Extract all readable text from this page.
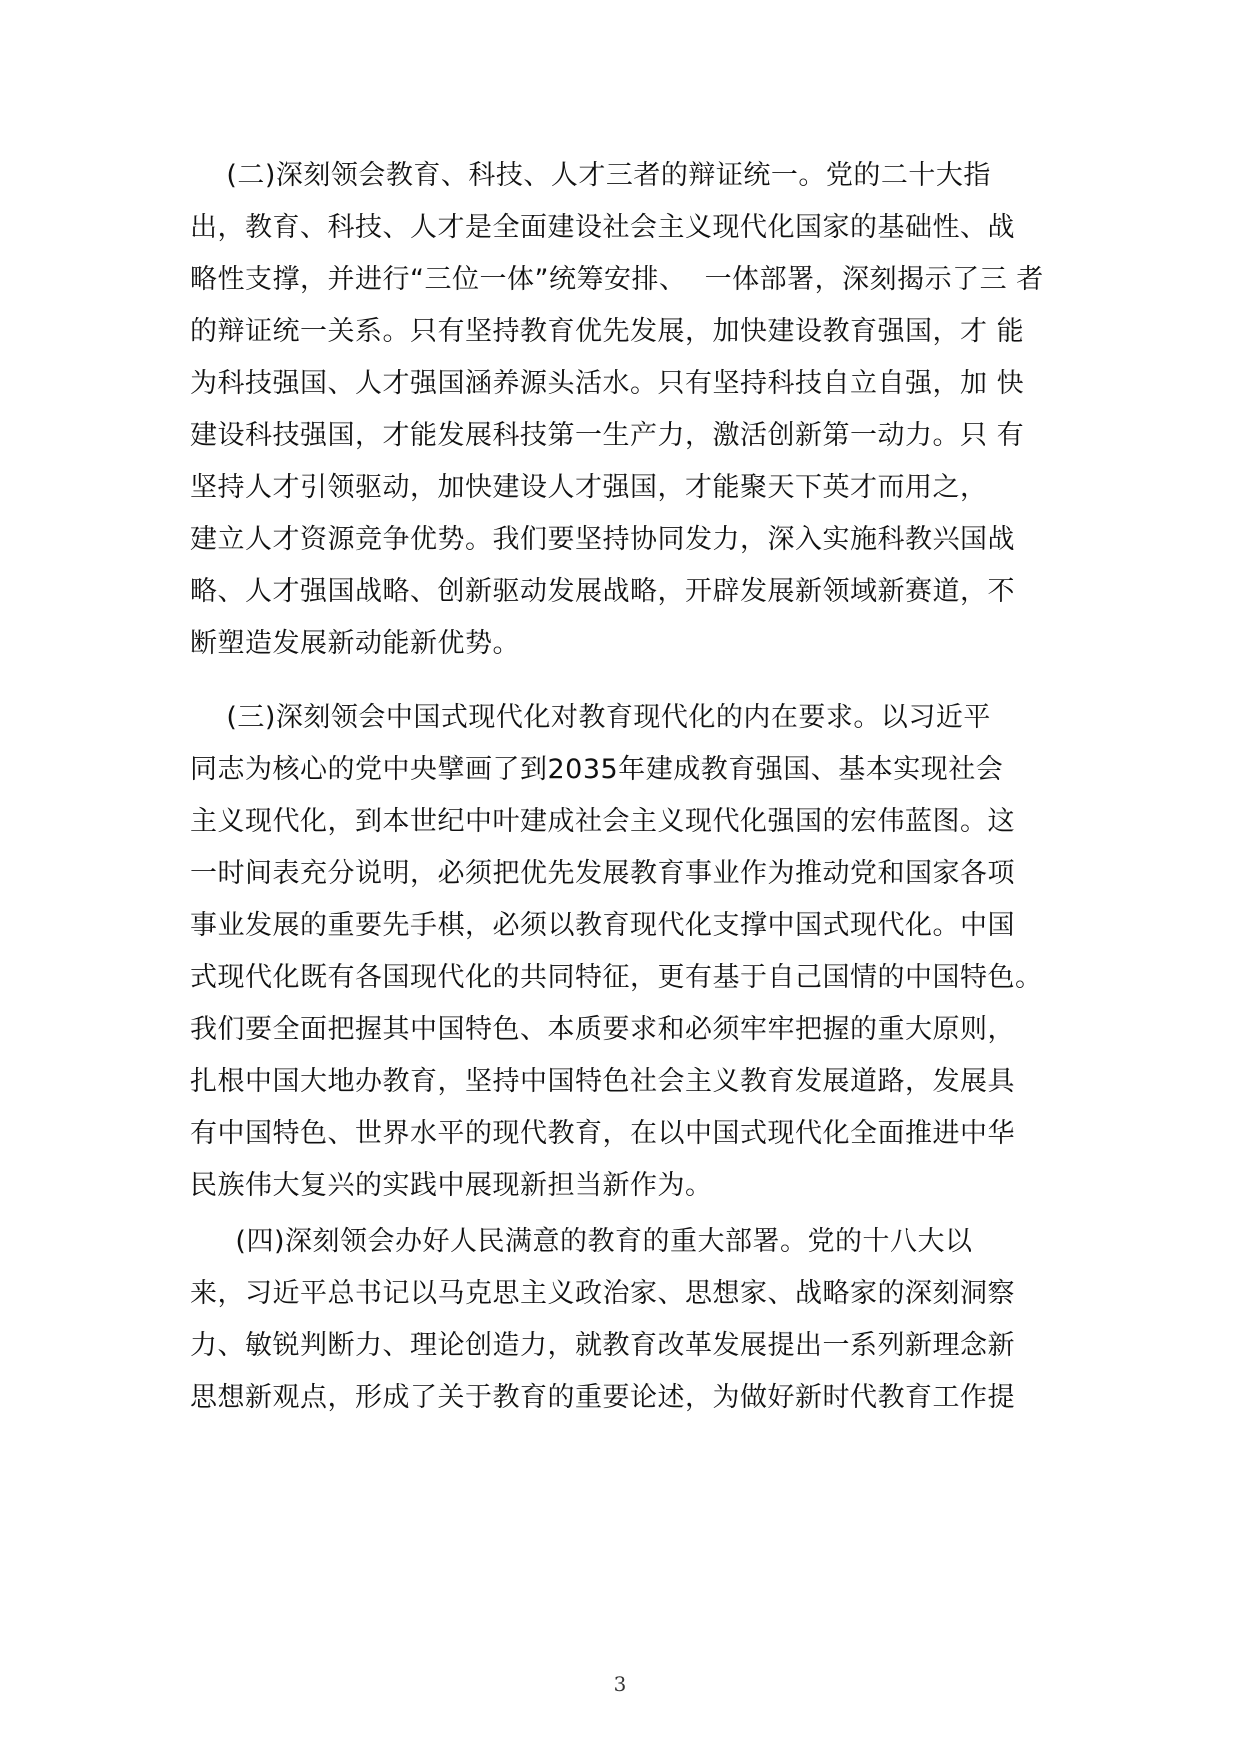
(二)深刻领会教育、科技、人才三者的辩证统一。党的二十大指
出，教育、科技、人才是全面建设社会主义现代化国家的基础性、战
略性支撑，并进行“三位一体”统筹安排、  一体部署，深刻揭示了三 者
的辩证统一关系。只有坚持教育优先发展，加快建设教育强国，才 能
为科技强国、人才强国涵养源头活水。只有坚持科技自立自强，加 快
建设科技强国，才能发展科技第一生产力，激活创新第一动力。只 有
坚持人才引领驱动，加快建设人才强国，才能聚天下英才而用之，
建立人才资源竞争优势。我们要坚持协同发力，深入实施科教兴国战
略、人才强国战略、创新驱动发展战略，开辟发展新领域新赛道，不
断塑造发展新动能新优势。
(三)深刻领会中国式现代化对教育现代化的内在要求。以习近平
同志为核心的党中央擘画了到2035年建成教育强国、基本实现社会
主义现代化，到本世纪中叶建成社会主义现代化强国的宏伟蓝图。这
一时间表充分说明，必须把优先发展教育事业作为推动党和国家各项
事业发展的重要先手棋，必须以教育现代化支撑中国式现代化。中国
式现代化既有各国现代化的共同特征，更有基于自己国情的中国特色。
我们要全面把握其中国特色、本质要求和必须牢牢把握的重大原则，
扎根中国大地办教育，坚持中国特色社会主义教育发展道路，发展具
有中国特色、世界水平的现代教育，在以中国式现代化全面推进中华
民族伟大复兴的实践中展现新担当新作为。
(四)深刻领会办好人民满意的教育的重大部署。党的十八大以
来，习近平总书记以马克思主义政治家、思想家、战略家的深刻洞察
力、敏锐判断力、理论创造力，就教育改革发展提出一系列新理念新
思想新观点，形成了关于教育的重要论述，为做好新时代教育工作提
3
